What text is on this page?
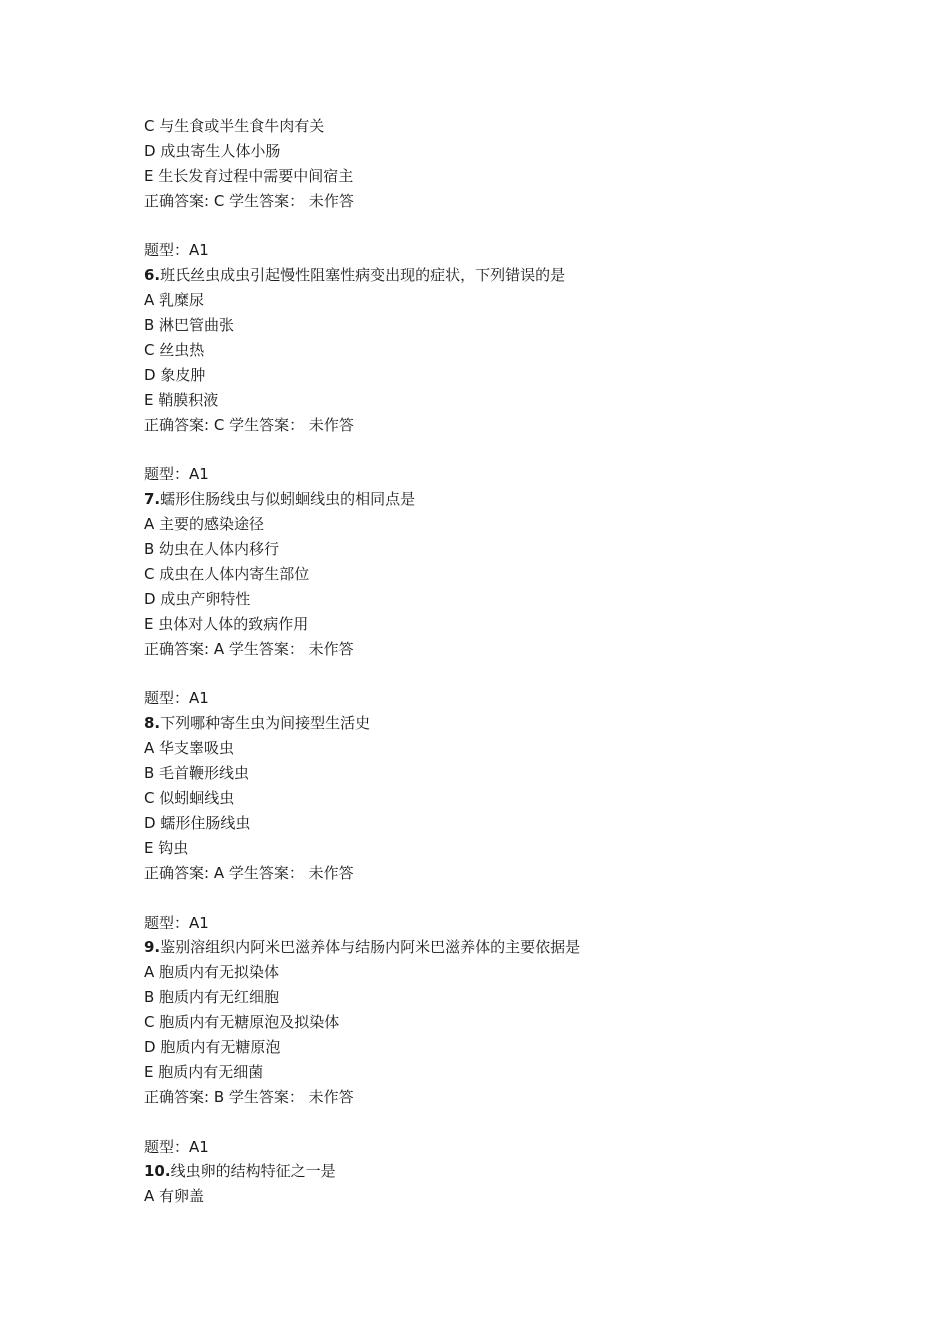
C 与生食或半生食牛肉有关
D 成虫寄生人体小肠
E 生长发育过程中需要中间宿主
正确答案: C 学生答案： 未作答
题型：A1
6.班氏丝虫成虫引起慢性阻塞性病变出现的症状，下列错误的是
A 乳糜尿
B 淋巴管曲张
C 丝虫热
D 象皮肿
E 鞘膜积液
正确答案: C 学生答案： 未作答
题型：A1
7.蠕形住肠线虫与似蚓蛔线虫的相同点是
A 主要的感染途径
B 幼虫在人体内移行
C 成虫在人体内寄生部位
D 成虫产卵特性
E 虫体对人体的致病作用
正确答案: A 学生答案： 未作答
题型：A1
8.下列哪种寄生虫为间接型生活史
A 华支睾吸虫
B 毛首鞭形线虫
C 似蚓蛔线虫
D 蠕形住肠线虫
E 钩虫
正确答案: A 学生答案： 未作答
题型：A1
9.鉴别溶组织内阿米巴滋养体与结肠内阿米巴滋养体的主要依据是
A 胞质内有无拟染体
B 胞质内有无红细胞
C 胞质内有无糖原泡及拟染体
D 胞质内有无糖原泡
E 胞质内有无细菌
正确答案: B 学生答案： 未作答
题型：A1
10.线虫卵的结构特征之一是
A 有卵盖
